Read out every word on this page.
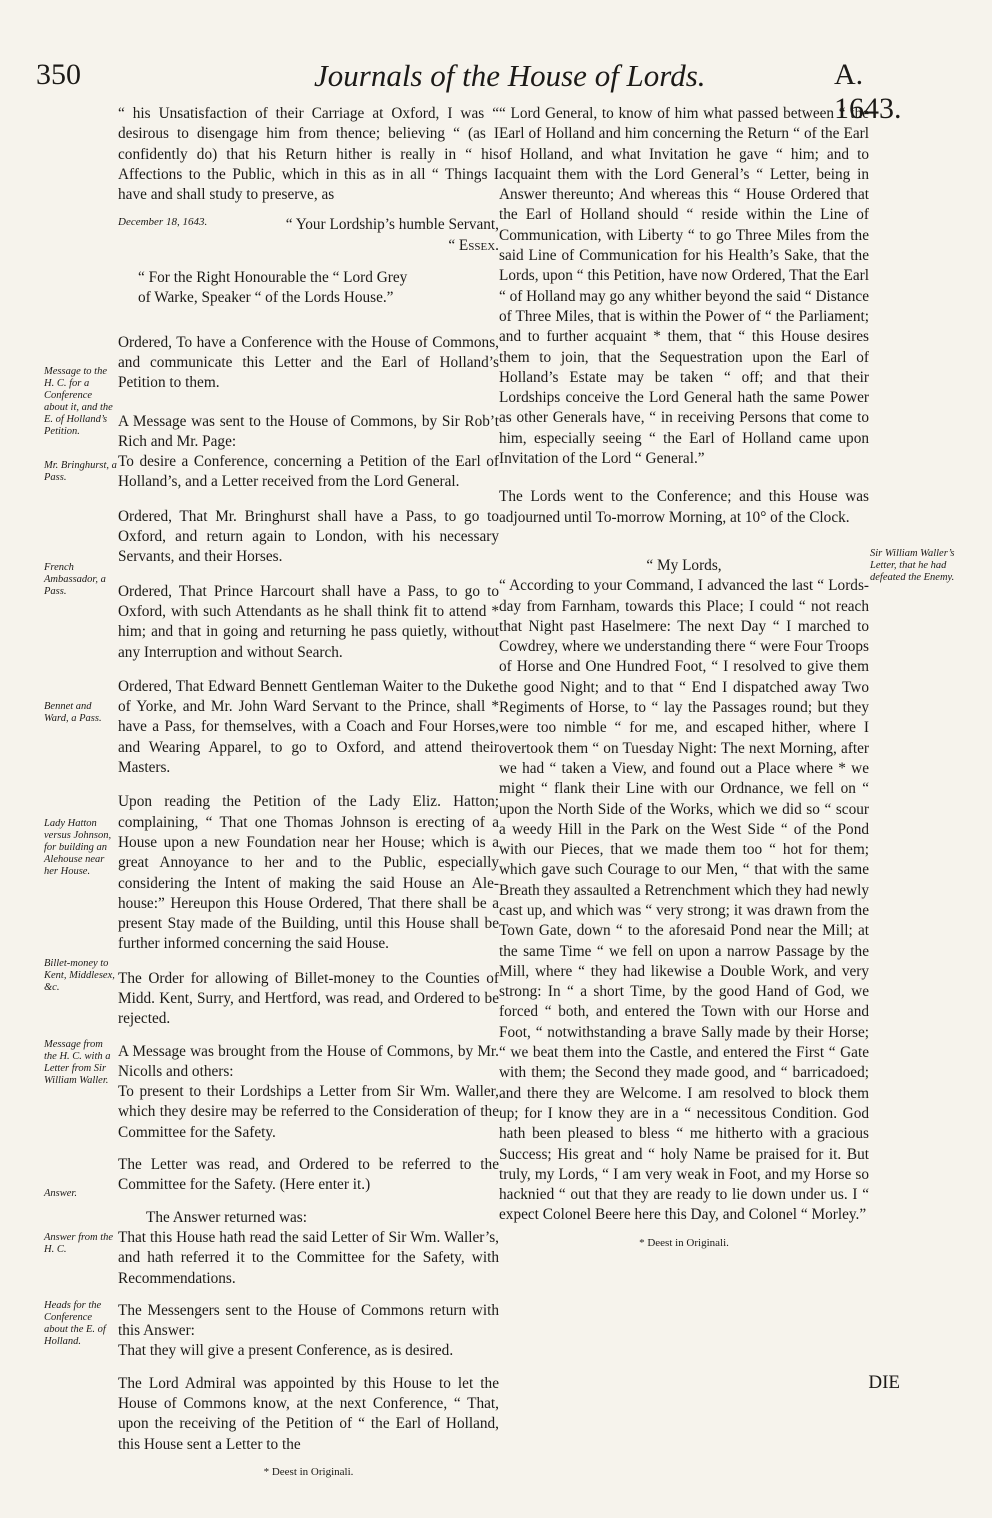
350	Journals of the House of Lords.	A. 1643.
Message to the H. C. for a Conference about it, and the E. of Holland’s Petition.
Mr. Bringhurst, a Pass.
French Ambassador, a Pass.
Bennet and Ward, a Pass.
Lady Hatton versus Johnson, for building an Alehouse near her House.
Billet-money to Kent, Middlesex, &c.
Message from the H. C. with a Letter from Sir William Waller.
Answer.
Answer from the H. C.
Heads for the Conference about the E. of Holland.

“ his Unsatisfaction of their Carriage at Oxford, I was “ desirous to disengage him from thence; believing “ (as I confidently do) that his Return hither is really in “ his Affections to the Public, which in this as in all “ Things I have and shall study to preserve, as

December 18, 1643.	“ Your Lordship’s humble Servant,
“ Essex.

“ For the Right Honourable the “ Lord Grey of Warke, Speaker “ of the Lords House.”

Ordered, To have a Conference with the House of Commons, and communicate this Letter and the Earl of Holland’s Petition to them.

A Message was sent to the House of Commons, by Sir Rob’t Rich and Mr. Page:

To desire a Conference, concerning a Petition of the Earl of Holland’s, and a Letter received from the Lord General.

Ordered, That Mr. Bringhurst shall have a Pass, to go to Oxford, and return again to London, with his necessary Servants, and their Horses.

Ordered, That Prince Harcourt shall have a Pass, to go to Oxford, with such Attendants as he shall think fit to attend * him; and that in going and returning he pass quietly, without any Interruption and without Search.

Ordered, That Edward Bennett Gentleman Waiter to the Duke of Yorke, and Mr. John Ward Servant to the Prince, shall * have a Pass, for themselves, with a Coach and Four Horses, and Wearing Apparel, to go to Oxford, and attend their Masters.

Upon reading the Petition of the Lady Eliz. Hatton; complaining, “ That one Thomas Johnson is erecting of a House upon a new Foundation near her House; which is a great Annoyance to her and to the Public, especially considering the Intent of making the said House an Ale-house:” Hereupon this House Ordered, That there shall be a present Stay made of the Building, until this House shall be further informed concerning the said House.

The Order for allowing of Billet-money to the Counties of Midd. Kent, Surry, and Hertford, was read, and Ordered to be rejected.

A Message was brought from the House of Commons, by Mr. Nicolls and others:

To present to their Lordships a Letter from Sir Wm. Waller, which they desire may be referred to the Consideration of the Committee for the Safety.

The Letter was read, and Ordered to be referred to the Committee for the Safety. (Here enter it.)

The Answer returned was:

That this House hath read the said Letter of Sir Wm. Waller’s, and hath referred it to the Committee for the Safety, with Recommendations.

The Messengers sent to the House of Commons return with this Answer:

That they will give a present Conference, as is desired.

The Lord Admiral was appointed by this House to let the House of Commons know, at the next Conference, “ That, upon the receiving of the Petition of “ the Earl of Holland, this House sent a Letter to the

* Deest in Originali.

Sir William Waller’s Letter, that he had defeated the Enemy.

“ Lord General, to know of him what passed between “ the Earl of Holland and him concerning the Return “ of the Earl of Holland, and what Invitation he gave “ him; and to acquaint them with the Lord General’s “ Letter, being in Answer thereunto; And whereas this “ House Ordered that the Earl of Holland should “ reside within the Line of Communication, with Liberty “ to go Three Miles from the said Line of Communication for his Health’s Sake, that the Lords, upon “ this Petition, have now Ordered, That the Earl “ of Holland may go any whither beyond the said “ Distance of Three Miles, that is within the Power of “ the Parliament; and to further acquaint * them, that “ this House desires them to join, that the Sequestration upon the Earl of Holland’s Estate may be taken “ off; and that their Lordships conceive the Lord General hath the same Power as other Generals have, “ in receiving Persons that come to him, especially seeing “ the Earl of Holland came upon Invitation of the Lord “ General.”

The Lords went to the Conference; and this House was adjourned until To-morrow Morning, at 10° of the Clock.

“ My Lords,

“ According to your Command, I advanced the last “ Lords-day from Farnham, towards this Place; I could “ not reach that Night past Haselmere: The next Day “ I marched to Cowdrey, where we understanding there “ were Four Troops of Horse and One Hundred Foot, “ I resolved to give them the good Night; and to that “ End I dispatched away Two Regiments of Horse, to “ lay the Passages round; but they were too nimble “ for me, and escaped hither, where I overtook them “ on Tuesday Night: The next Morning, after we had “ taken a View, and found out a Place where * we might “ flank their Line with our Ordnance, we fell on “ upon the North Side of the Works, which we did so “ scour a weedy Hill in the Park on the West Side “ of the Pond with our Pieces, that we made them too “ hot for them; which gave such Courage to our Men, “ that with the same Breath they assaulted a Retrenchment which they had newly cast up, and which was “ very strong; it was drawn from the Town Gate, down “ to the aforesaid Pond near the Mill; at the same Time “ we fell on upon a narrow Passage by the Mill, where “ they had likewise a Double Work, and very strong: In “ a short Time, by the good Hand of God, we forced “ both, and entered the Town with our Horse and Foot, “ notwithstanding a brave Sally made by their Horse; “ we beat them into the Castle, and entered the First “ Gate with them; the Second they made good, and “ barricadoed; and there they are Welcome. I am resolved to block them up; for I know they are in a “ necessitous Condition. God hath been pleased to bless “ me hitherto with a gracious Success; His great and “ holy Name be praised for it. But truly, my Lords, “ I am very weak in Foot, and my Horse so hacknied “ out that they are ready to lie down under us. I “ expect Colonel Beere here this Day, and Colonel “ Morley.”

* Deest in Originali.

DIE
